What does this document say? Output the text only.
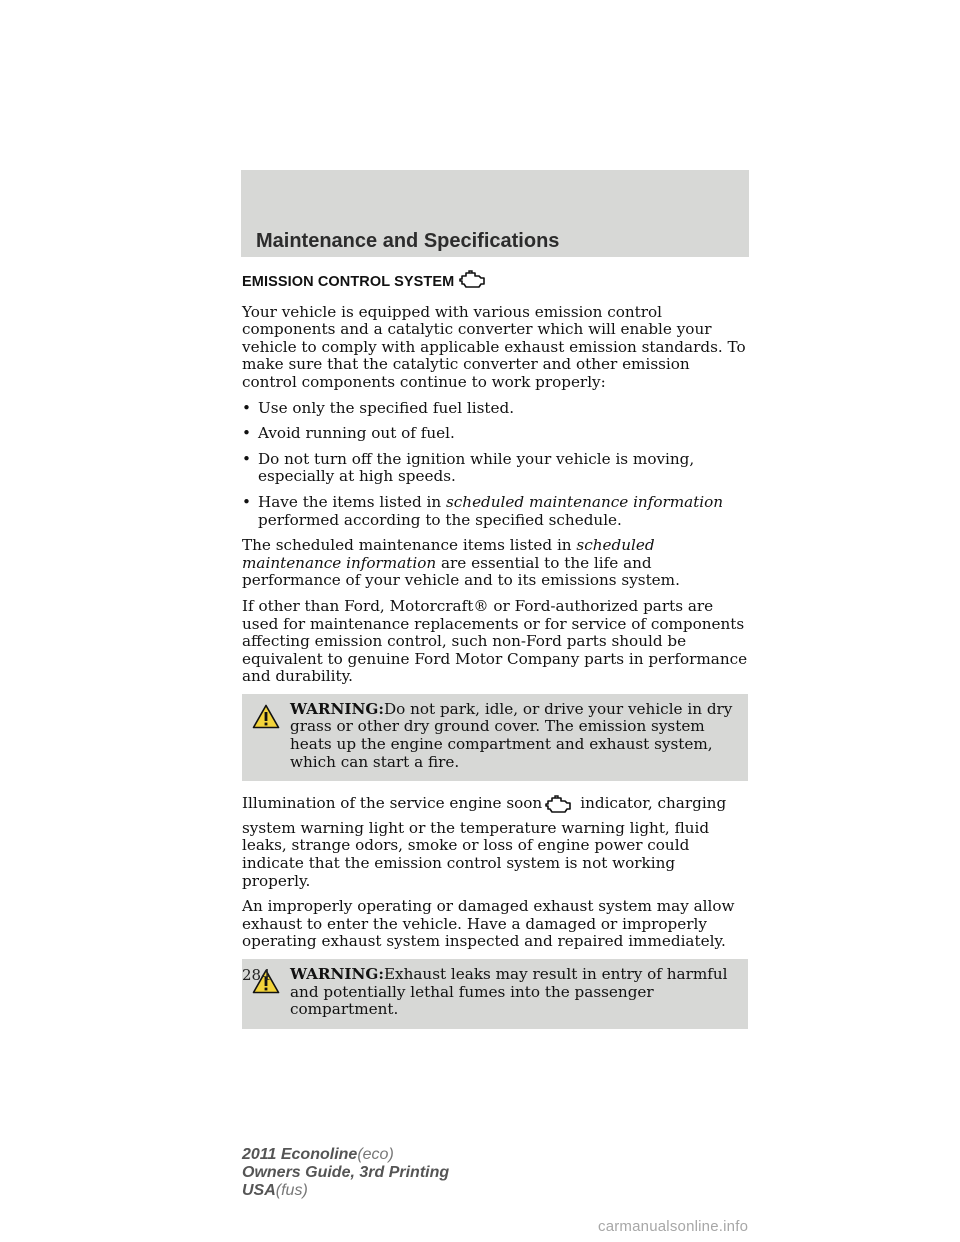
Maintenance and Specifications
EMISSION CONTROL SYSTEM

Your vehicle is equipped with various emission control components and a catalytic converter which will enable your vehicle to comply with applicable exhaust emission standards. To make sure that the catalytic converter and other emission control components continue to work properly:

• Use only the specified fuel listed.
• Avoid running out of fuel.
• Do not turn off the ignition while your vehicle is moving, especially at high speeds.
• Have the items listed in scheduled maintenance information performed according to the specified schedule.

The scheduled maintenance items listed in scheduled maintenance information are essential to the life and performance of your vehicle and to its emissions system.

If other than Ford, Motorcraft® or Ford-authorized parts are used for maintenance replacements or for service of components affecting emission control, such non-Ford parts should be equivalent to genuine Ford Motor Company parts in performance and durability.

WARNING:Do not park, idle, or drive your vehicle in dry grass or other dry ground cover. The emission system heats up the engine compartment and exhaust system, which can start a fire.

Illumination of the service engine soon	indicator, charging system warning light or the temperature warning light, fluid leaks, strange odors, smoke or loss of engine power could indicate that the emission control system is not working properly.

An improperly operating or damaged exhaust system may allow exhaust to enter the vehicle. Have a damaged or improperly operating exhaust system inspected and repaired immediately.

WARNING:Exhaust leaks may result in entry of harmful and potentially lethal fumes into the passenger compartment.
284
2011 Econoline(eco)
Owners Guide, 3rd Printing
USA(fus)
carmanualsonline.info
